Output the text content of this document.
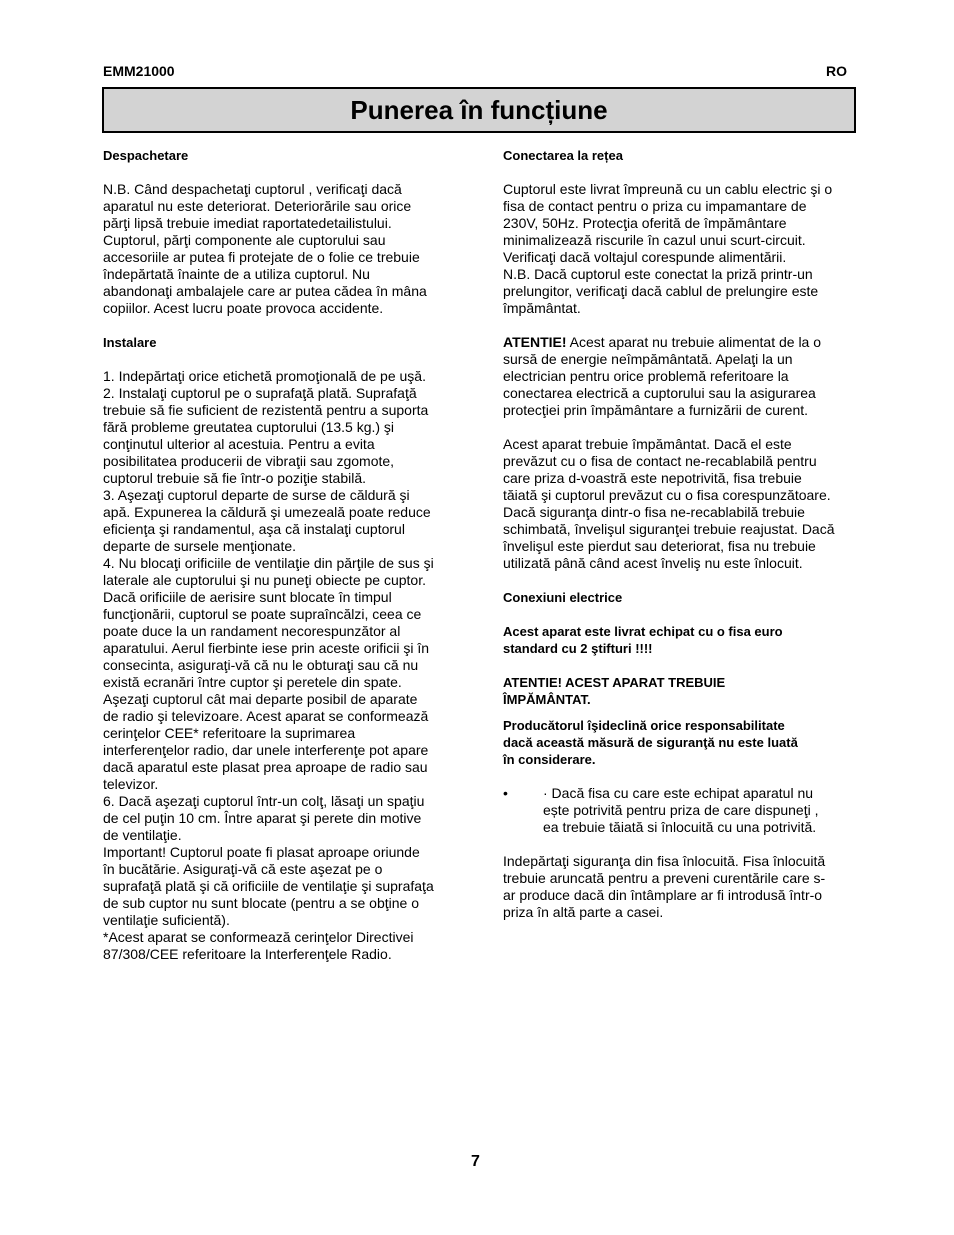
EMM21000	RO
Punerea în funcțiune

Despachetare

N.B. Când despachetaţi cuptorul , verificaţi dacă
aparatul nu este deteriorat. Deteriorările sau orice
părţi lipsă trebuie imediat raportatedetailistului.
Cuptorul, părţi componente ale cuptorului sau
accesoriile ar putea fi protejate de o folie ce trebuie
îndepărtată înainte de a utiliza cuptorul. Nu
abandonaţi ambalajele care ar putea cădea în mâna
copiilor. Acest lucru poate provoca accidente.

Instalare

1. Indepărtaţi orice etichetă promoţională de pe uşă.
2. Instalaţi cuptorul pe o suprafaţă plată. Suprafaţă
trebuie să fie suficient de rezistentă pentru a suporta
fără probleme greutatea cuptorului (13.5 kg.) şi
conţinutul ulterior al acestuia. Pentru a evita
posibilitatea producerii de vibraţii sau zgomote,
cuptorul trebuie să fie într-o poziţie stabilă.
3. Aşezaţi cuptorul departe de surse de căldură şi
apă. Expunerea la căldură şi umezeală poate reduce
eficienţa şi randamentul, aşa că instalaţi cuptorul
departe de sursele menţionate.
4. Nu blocaţi orificiile de ventilaţie din părţile de sus şi
laterale ale cuptorului şi nu puneţi obiecte pe cuptor.
Dacă orificiile de aerisire sunt blocate în timpul
funcţionării, cuptorul se poate supraîncălzi, ceea ce
poate duce la un randament necorespunzător al
aparatului. Aerul fierbinte iese prin aceste orificii şi în
consecinta, asiguraţi-vă că nu le obturaţi sau că nu
există ecranări între cuptor şi peretele din spate.
Aşezaţi cuptorul cât mai departe posibil de aparate
de radio şi televizoare. Acest aparat se conformează
cerinţelor CEE* referitoare la suprimarea
interferenţelor radio, dar unele interferenţe pot apare
dacă aparatul este plasat prea aproape de radio sau
televizor.
6. Dacă aşezaţi cuptorul într-un colţ, lăsaţi un spaţiu
de cel puţin 10 cm. Între aparat şi perete din motive
de ventilaţie.
Important! Cuptorul poate fi plasat aproape oriunde
în bucătărie. Asiguraţi-vă că este aşezat pe o
suprafaţă plată şi că orificiile de ventilaţie şi suprafaţa
de sub cuptor nu sunt blocate (pentru a se obţine o
ventilaţie suficientă).
*Acest aparat se conformează cerinţelor Directivei
87/308/CEE referitoare la Interferenţele Radio.

Conectarea la rețea

Cuptorul este livrat împreună cu un cablu electric şi o
fisa de contact pentru o priza cu impamantare de
230V, 50Hz. Protecţia oferită de împământare
minimalizează riscurile în cazul unui scurt-circuit.
Verificaţi dacă voltajul corespunde alimentării.
N.B. Dacă cuptorul este conectat la priză printr-un
prelungitor, verificaţi dacă cablul de prelungire este
împământat.

ATENTIE! Acest aparat nu trebuie alimentat de la o
sursă de energie neîmpământată. Apelaţi la un
electrician pentru orice problemă referitoare la
conectarea electrică a cuptorului sau la asigurarea
protecţiei prin împământare a furnizării de curent.

Acest aparat trebuie împământat. Dacă el este
prevăzut cu o fisa de contact ne-recablabilă pentru
care priza d-voastră este nepotrivită, fisa trebuie
tăiată şi cuptorul prevăzut cu o fisa corespunzătoare.
Dacă siguranţa dintr-o fisa ne-recablabilă trebuie
schimbată, învelişul siguranţei trebuie reajustat. Dacă
învelişul este pierdut sau deteriorat, fisa nu trebuie
utilizată până când acest înveliş nu este înlocuit.

Conexiuni electrice

Acest aparat este livrat echipat cu o fisa euro
standard cu 2 ştifturi !!!!

ATENTIE! ACEST APARAT TREBUIE
ÎMPĂMÂNTAT.

Producătorul îşideclină orice responsabilitate
dacă această măsură de siguranţă nu este luată
în considerare.

•	· Dacă fisa cu care este echipat aparatul nu
ește potrivită pentru priza de care dispuneţi ,
ea trebuie tăiată si înlocuită cu una potrivită.

Indepărtaţi siguranţa din fisa înlocuită. Fisa înlocuită
trebuie aruncată pentru a preveni curentările care s-
ar produce dacă din întâmplare ar fi introdusă într-o
priza în altă parte a casei.

7
